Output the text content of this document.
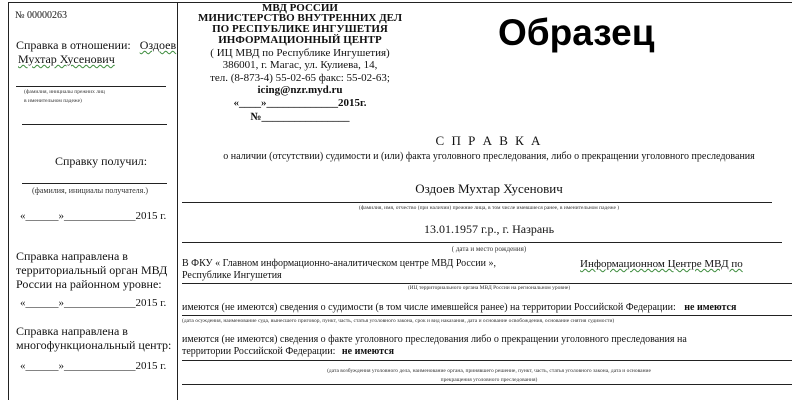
№ 00000263
Справка в отношении: Оздоев
Мухтар Хусенович
(фамилия, инициалы прежних лиц
в именительном падеже)
Справку получил:
(фамилия, инициалы получателя.)
«______»_____________2015 г.
Справка направлена в
территориальный орган МВД
России на районном уровне:
«______»_____________2015 г.
Справка направлена в
многофункциональный центр:
«______»_____________2015 г.
МВД РОССИИ
МИНИСТЕРСТВО ВНУТРЕННИХ ДЕЛ
ПО РЕСПУБЛИКЕ ИНГУШЕТИЯ
ИНФОРМАЦИОННЫЙ ЦЕНТР
( ИЦ МВД по Республике Ингушетия)
386001, г. Магас, ул. Кулиева, 14,
тел. (8-873-4) 55-02-65 факс: 55-02-63;
icing@nzr.myd.ru
«____»_____________2015г.
№________________
Образец
С П Р А В К А
о наличии (отсутствии) судимости и (или) факта уголовного преследования, либо о прекращении уголовного преследования
Оздоев Мухтар Хусенович
(фамилия, имя, отчество (при наличии) прежние лица, в том числе имевшиеся ранее, в именительном падеже )
13.01.1957 г.р., г. Назрань
( дата и место рождения)
В ФКУ « Главном информационно-аналитическом центре МВД России »,	Информационном Центре МВД по
Республике Ингушетия
(ИЦ территориального органа МВД России на региональном уровне)
имеются (не имеются) сведения о судимости (в том числе имевшейся ранее) на территории Российской Федерации: не имеются
(дата осуждения, наименование суда, вынесшего приговор, пункт, часть, статья уголовного закона, срок и вид наказания, дата и основание освобождения, основание снятия судимости)
имеются (не имеются) сведения о факте уголовного преследования либо о прекращении уголовного преследования на
территории Российской Федерации: не имеются
(дата возбуждения уголовного дела, наименование органа, принявшего решение, пункт, часть, статья уголовного закона, дата и основание
прекращения уголовного преследования)
